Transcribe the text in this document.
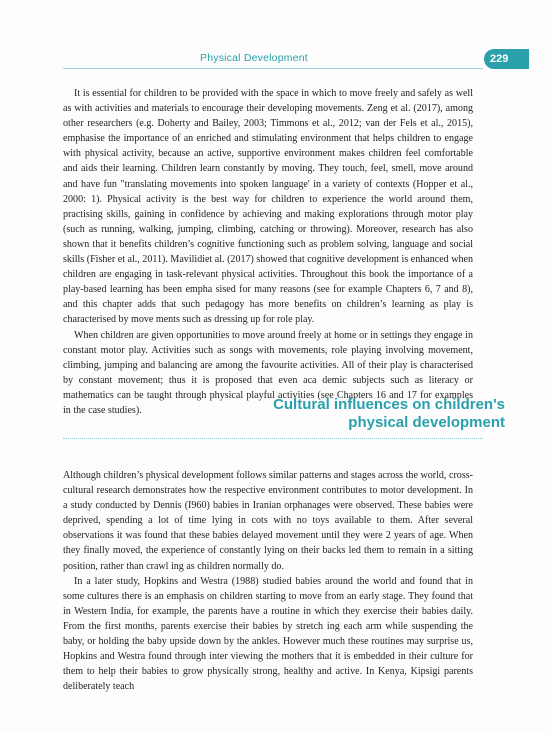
Physical Development	229

It is essential for children to be provided with the space in which to move freely and safely as well as with activities and materials to encourage their developing movements. Zeng et al. (2017), among other researchers (e.g. Doherty and Bailey, 2003; Timmons et al., 2012; van der Fels et al., 2015), emphasise the importance of an enriched and stimulating environment that helps children to engage with physical activity, because an active, supportive environment makes children feel comfortable and aids their learning. Children learn constantly by moving. They touch, feel, smell, move around and have fun "translating movements into spoken language' in a variety of contexts (Hopper et al., 2000: 1). Physical activity is the best way for children to experience the world around them, practising skills, gaining in confidence by achieving and making explorations through motor play (such as running, walking, jumping, climbing, catching or throwing). Moreover, research has also shown that it benefits children’s cognitive functioning such as problem solving, language and social skills (Fisher et al., 2011). Mavilidiet al. (2017) showed that cognitive development is enhanced when children are engaging in task-relevant physical activities. Throughout this book the importance of a play-based learning has been empha sised for many reasons (see for example Chapters 6, 7 and 8), and this chapter adds that such pedagogy has more benefits on children’s learning as play is characterised by move ments such as dressing up for role play.

When children are given opportunities to move around freely at home or in settings they engage in constant motor play. Activities such as songs with movements, role playing involving movement, climbing, jumping and balancing are among the favourite activities. All of their play is characterised by constant movement; thus it is proposed that even aca demic subjects such as literacy or mathematics can be taught through physical playful activities (see Chapters 16 and 17 for examples in the case studies).	Cultural influences on children's
physical development

Although children’s physical development follows similar patterns and stages across the world, cross-cultural research demonstrates how the respective environment contributes to motor development. In a study conducted by Dennis (I960) babies in Iranian orphanages were observed. These babies were deprived, spending a lot of time lying in cots with no toys available to them. After several observations it was found that these babies delayed movement until they were 2 years of age. When they finally moved, the experience of constantly lying on their backs led them to remain in a sitting position, rather than crawl ing as children normally do.

In a later study, Hopkins and Westra (1988) studied babies around the world and found that in some cultures there is an emphasis on children starting to move from an early stage. They found that in Western India, for example, the parents have a routine in which they exercise their babies daily. From the first months, parents exercise their babies by stretch ing each arm while suspending the baby, or holding the baby upside down by the ankles. However much these routines may surprise us, Hopkins and Westra found through inter viewing the mothers that it is embedded in their culture for them to help their babies to grow physically strong, healthy and active. In Kenya, Kipsigi parents deliberately teach
